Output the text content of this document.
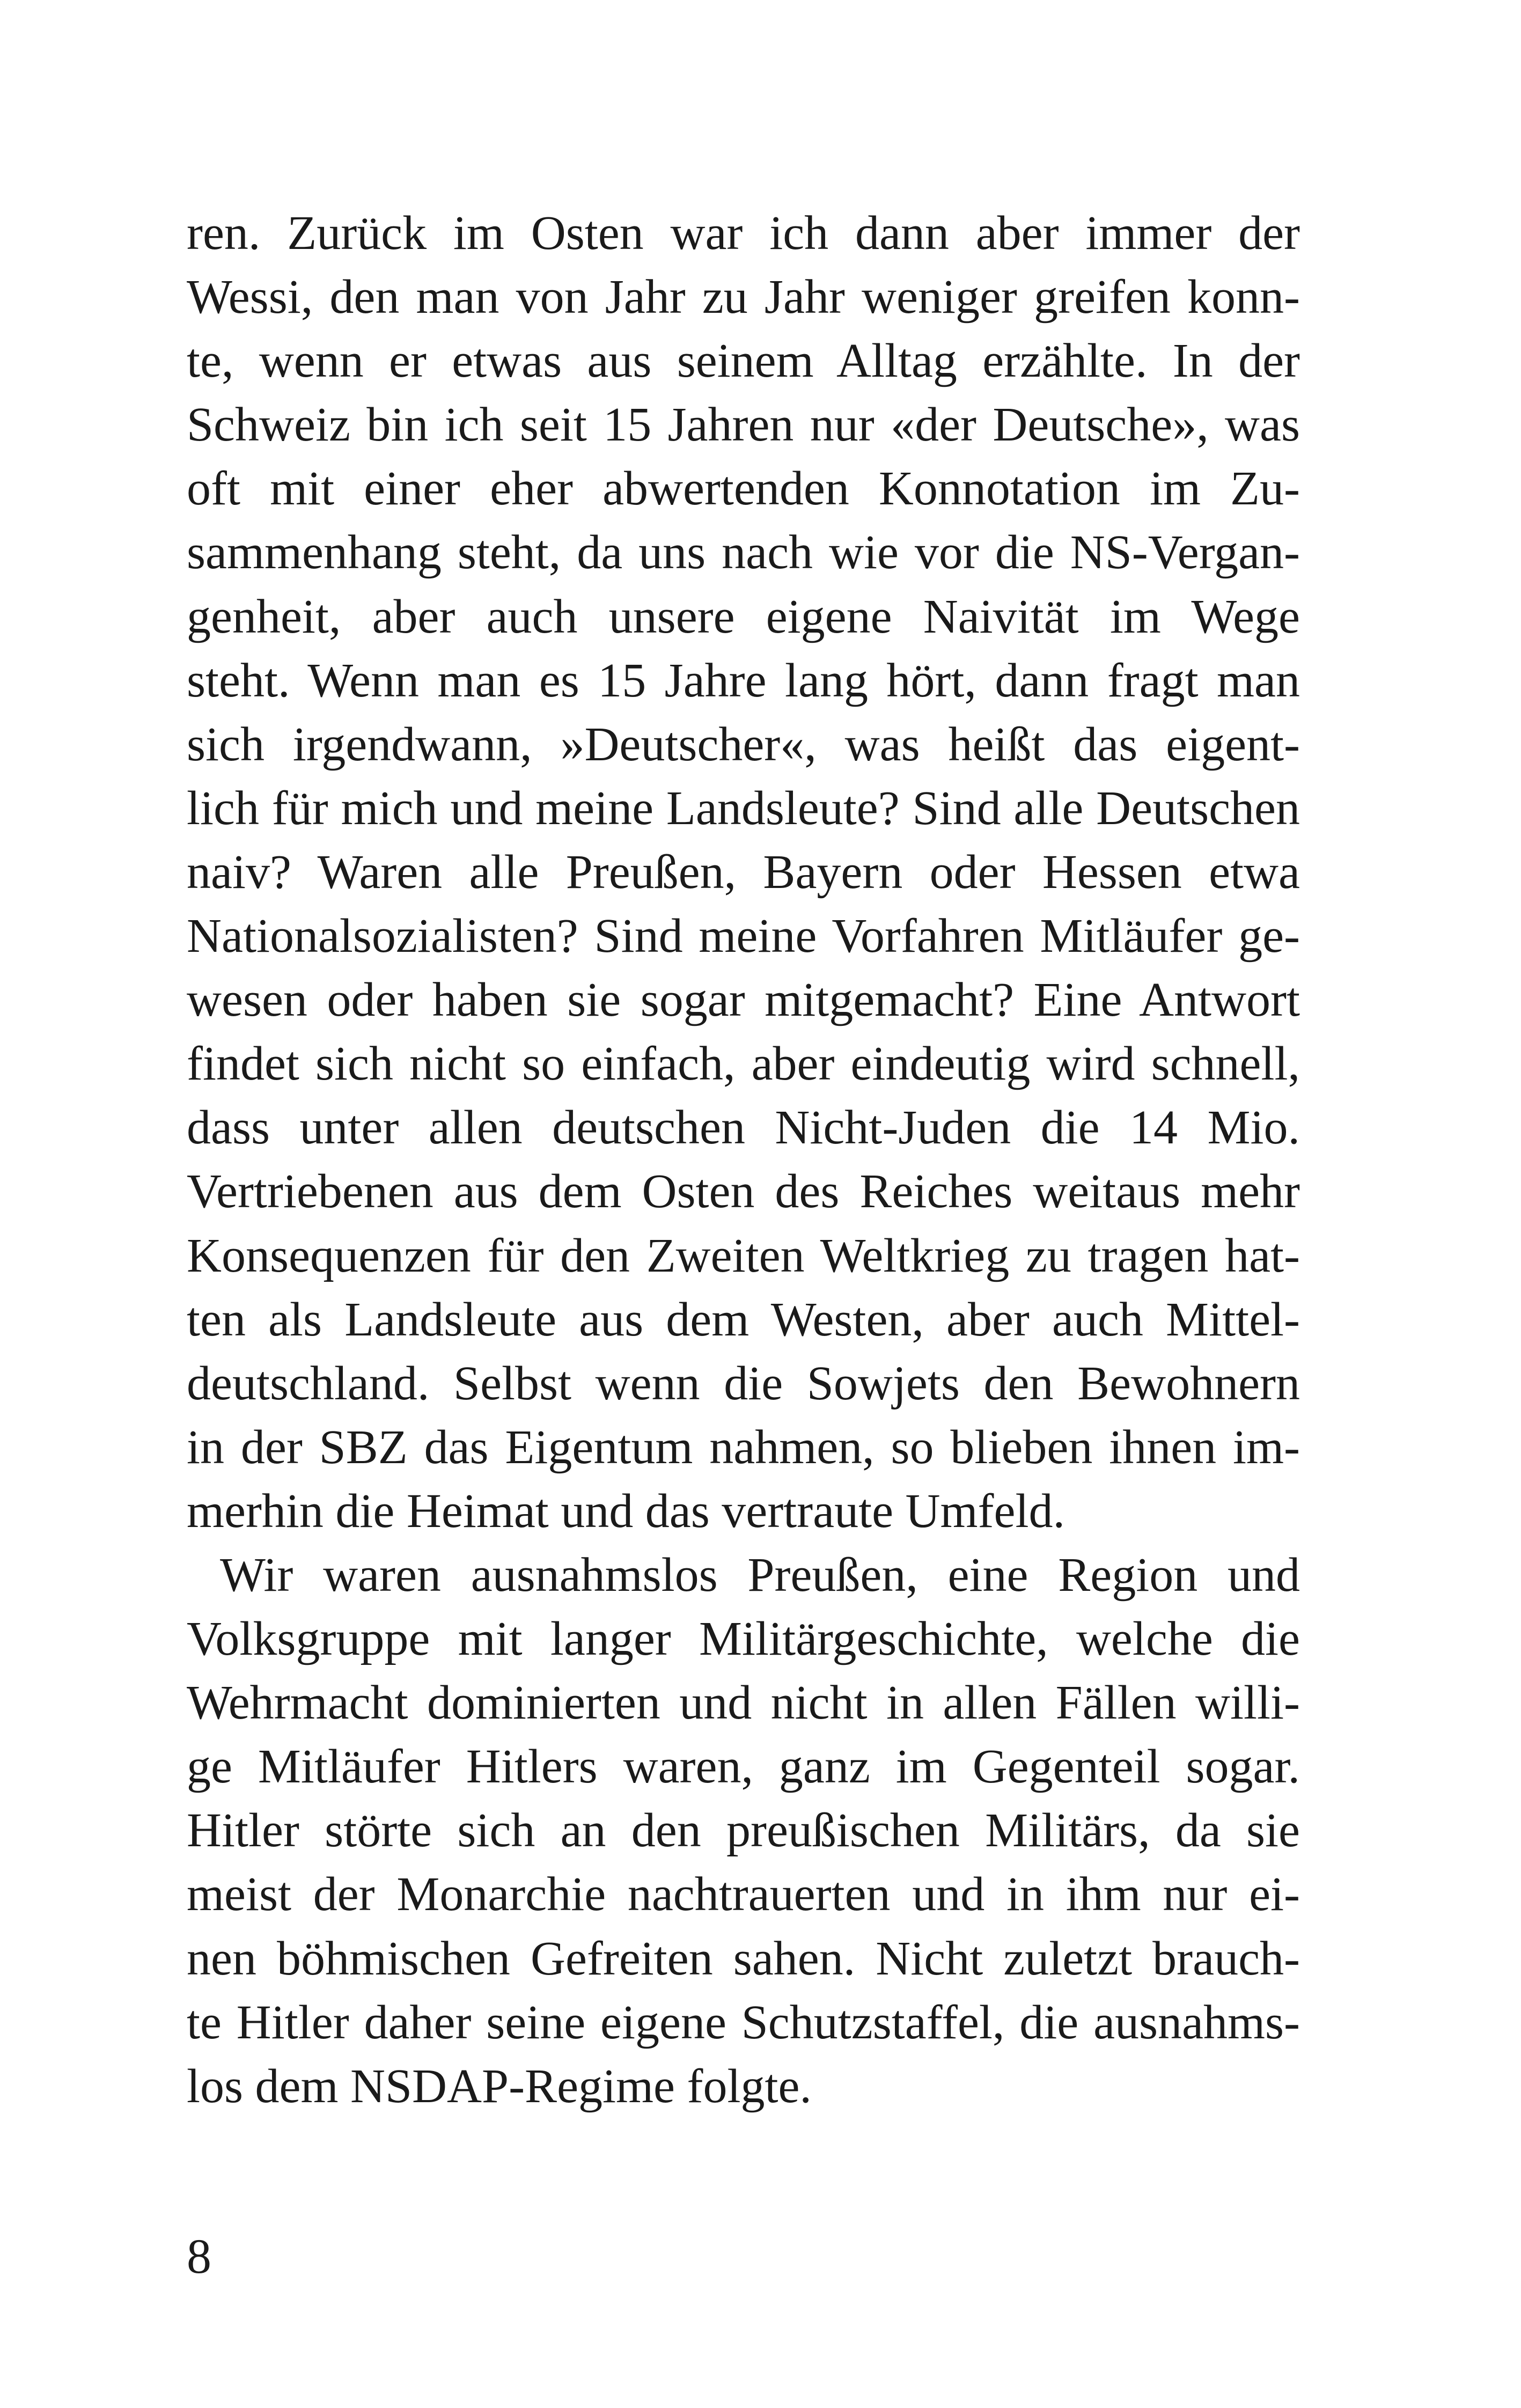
ren. Zurück im Osten war ich dann aber immer der
Wessi, den man von Jahr zu Jahr weniger greifen konn-
te, wenn er etwas aus seinem Alltag erzählte. In der
Schweiz bin ich seit 15 Jahren nur «der Deutsche», was
oft mit einer eher abwertenden Konnotation im Zu-
sammenhang steht, da uns nach wie vor die NS-Vergan-
genheit, aber auch unsere eigene Naivität im Wege
steht. Wenn man es 15 Jahre lang hört, dann fragt man
sich irgendwann, »Deutscher«, was heißt das eigent-
lich für mich und meine Landsleute? Sind alle Deutschen
naiv? Waren alle Preußen, Bayern oder Hessen etwa
Nationalsozialisten? Sind meine Vorfahren Mitläufer ge-
wesen oder haben sie sogar mitgemacht? Eine Antwort
findet sich nicht so einfach, aber eindeutig wird schnell,
dass unter allen deutschen Nicht-Juden die 14 Mio.
Vertriebenen aus dem Osten des Reiches weitaus mehr
Konsequenzen für den Zweiten Weltkrieg zu tragen hat-
ten als Landsleute aus dem Westen, aber auch Mittel-
deutschland. Selbst wenn die Sowjets den Bewohnern
in der SBZ das Eigentum nahmen, so blieben ihnen im-
merhin die Heimat und das vertraute Umfeld.
Wir waren ausnahmslos Preußen, eine Region und
Volksgruppe mit langer Militärgeschichte, welche die
Wehrmacht dominierten und nicht in allen Fällen willi-
ge Mitläufer Hitlers waren, ganz im Gegenteil sogar.
Hitler störte sich an den preußischen Militärs, da sie
meist der Monarchie nachtrauerten und in ihm nur ei-
nen böhmischen Gefreiten sahen. Nicht zuletzt brauch-
te Hitler daher seine eigene Schutzstaffel, die ausnahms-
los dem NSDAP-Regime folgte.
8
